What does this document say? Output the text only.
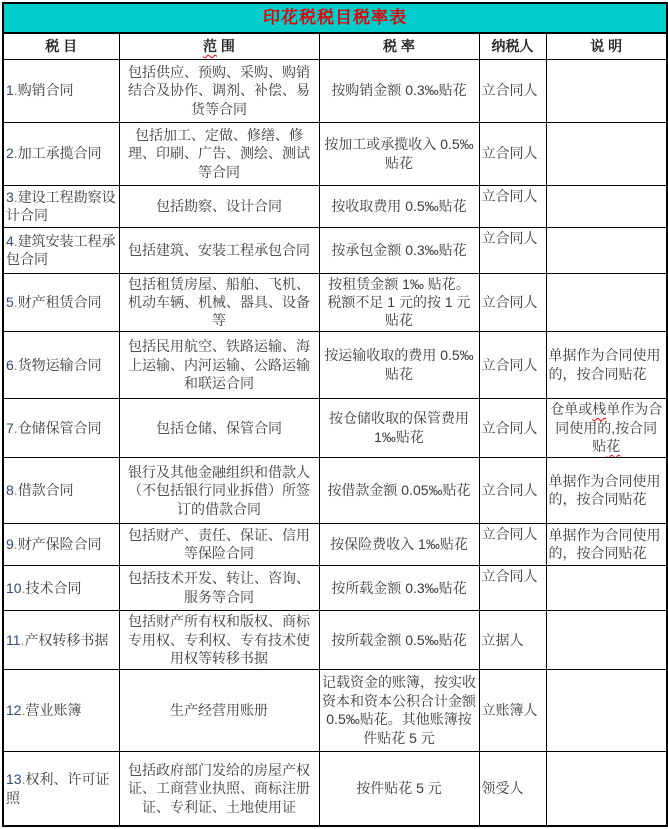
印花税税目税率表				
税 目	范 围	税 率	纳税人	说 明
1.购销合同	包括供应、预购、采购、购销结合及协作、调剂、补偿、易货等合同	按购销金额 0.3‰贴花	立合同人	
2.加工承揽合同	包括加工、定做、修缮、修理、印刷、广告、测绘、测试等合同	按加工或承揽收入 0.5‰贴花	立合同人	
3.建设工程勘察设计合同	包括勘察、设计合同	按收取费用 0.5‰贴花	立合同人	
4.建筑安装工程承包合同	包括建筑、安装工程承包合同	按承包金额 0.3‰贴花	立合同人	
5.财产租赁合同	包括租赁房屋、船舶、飞机、机动车辆、机械、器具、设备等	按租赁金额 1‰ 贴花。税额不足 1 元的按 1 元贴花	立合同人	
6.货物运输合同	包括民用航空、铁路运输、海上运输、内河运输、公路运输和联运合同	按运输收取的费用 0.5‰贴花	立合同人	单据作为合同使用的，按合同贴花
7.仓储保管合同	包括仓储、保管合同	按仓储收取的保管费用 1‰贴花	立合同人	仓单或栈单作为合同使用的,按合同贴花
8.借款合同	银行及其他金融组织和借款人（不包括银行同业拆借）所签订的借款合同	按借款金额 0.05‰贴花	立合同人	单据作为合同使用的，按合同贴花
9.财产保险合同	包括财产、责任、保证、信用等保险合同	按保险费收入 1‰贴花	立合同人	单据作为合同使用的，按合同贴花
10.技术合同	包括技术开发、转让、咨询、服务等合同	按所载金额 0.3‰贴花	立合同人	
11.产权转移书据	包括财产所有权和版权、商标专用权、专利权、专有技术使用权等转移书据	按所载金额 0.5‰贴花	立据人	
12.营业账簿	生产经营用账册	记载资金的账簿，按实收资本和资本公积合计金额 0.5‰贴花。其他账簿按件贴花 5 元	立账簿人	
13.权利、许可证照	包括政府部门发给的房屋产权证、工商营业执照、商标注册证、专利证、土地使用证	按件贴花 5 元	领受人	
